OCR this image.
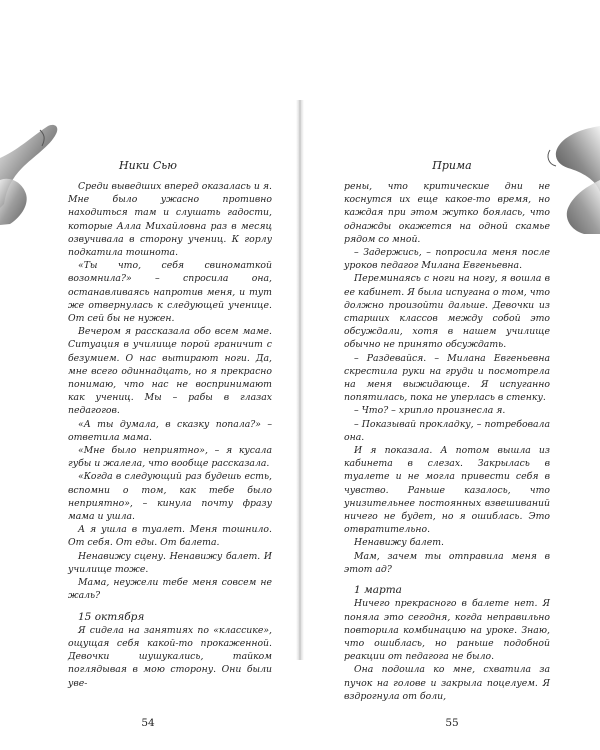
Ники Сью

Среди выведших вперед оказалась и я. Мне было ужасно противно находиться там и слушать гадости, которые Алла Михайловна раз в месяц озвучивала в сторону учениц. К горлу подкатила тошнота.

«Ты что, себя свиноматкой возомнила?» – спросила она, останавливаясь напротив меня, и тут же отвернулась к следующей ученице. От сей бы не нужен.

Вечером я рассказала обо всем маме. Ситуация в училище порой граничит с безумием. О нас вытирают ноги. Да, мне всего одиннадцать, но я прекрасно понимаю, что нас не воспринимают как учениц. Мы – рабы в глазах педагогов.

«А ты думала, в сказку попала?» – ответила мама.

«Мне было неприятно», – я кусала губы и жалела, что вообще рассказала.

«Когда в следующий раз будешь есть, вспомни о том, как тебе было неприятно», – кинула почту фразу мама и ушла.

А я ушла в туалет. Меня тошнило. От себя. От еды. От балета.

Ненавижу сцену. Ненавижу балет. И училище тоже.

Мама, неужели тебе меня совсем не жаль?

15 октября

Я сидела на занятиях по «классике», ощущая себя какой-то прокаженной. Девочки шушукались, тайком поглядывая в мою сторону. Они были уве-

54
Прима

рены, что критические дни не коснутся их еще какое-то время, но каждая при этом жутко боялась, что однажды окажется на одной скамье рядом со мной.

– Задержись, – попросила меня после уроков педагог Милана Евгеньевна.

Переминаясь с ноги на ногу, я вошла в ее кабинет. Я была испугана о том, что должно произойти дальше. Девочки из старших классов между собой это обсуждали, хотя в нашем училище обычно не принято обсуждать.

– Раздевайся. – Милана Евгеньевна скрестила руки на груди и посмотрела на меня выжидающе. Я испуганно попятилась, пока не уперлась в стенку.

– Что? – хрипло произнесла я.

– Показывай прокладку, – потребовала она.

И я показала. А потом вышла из кабинета в слезах. Закрылась в туалете и не могла привести себя в чувство. Раньше казалось, что унизительнее постоянных взвешиваний ничего не будет, но я ошиблась. Это отвратительно.

Ненавижу балет.

Мам, зачем ты отправила меня в этот ад?

1 марта

Ничего прекрасного в балете нет. Я поняла это сегодня, когда неправильно повторила комбинацию на уроке. Знаю, что ошиблась, но раньше подобной реакции от педагога не было.

Она подошла ко мне, схватила за пучок на голове и закрыла поцелуем. Я вздрогнула от боли,

55
